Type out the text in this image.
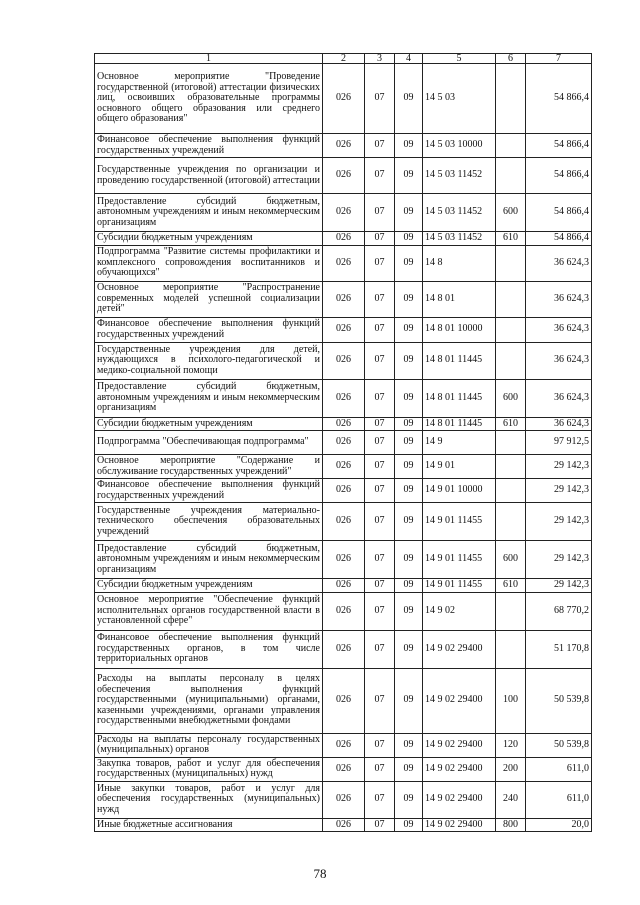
1	2	3	4	5	6	7
Основное мероприятие "Проведение государственной (итоговой) аттестации физических лиц, освоивших образовательные программы основного общего образования или среднего общего образования"	026	07	09	14 5 03		54 866,4
Финансовое обеспечение выполнения функций государственных учреждений	026	07	09	14 5 03 10000		54 866,4
Государственные учреждения по организации и проведению государственной (итоговой) аттестации	026	07	09	14 5 03 11452		54 866,4
Предоставление субсидий бюджетным, автономным учреждениям и иным некоммерческим организациям	026	07	09	14 5 03 11452	600	54 866,4
Субсидии бюджетным учреждениям	026	07	09	14 5 03 11452	610	54 866,4
Подпрограмма "Развитие системы профилактики и комплексного сопровождения воспитанников и обучающихся"	026	07	09	14 8		36 624,3
Основное мероприятие "Распространение современных моделей успешной социализации детей"	026	07	09	14 8 01		36 624,3
Финансовое обеспечение выполнения функций государственных учреждений	026	07	09	14 8 01 10000		36 624,3
Государственные учреждения для детей, нуждающихся в психолого-педагогической и медико-социальной помощи	026	07	09	14 8 01 11445		36 624,3
Предоставление субсидий бюджетным, автономным учреждениям и иным некоммерческим организациям	026	07	09	14 8 01 11445	600	36 624,3
Субсидии бюджетным учреждениям	026	07	09	14 8 01 11445	610	36 624,3
Подпрограмма "Обеспечивающая подпрограмма"	026	07	09	14 9		97 912,5
Основное мероприятие "Содержание и обслуживание государственных учреждений"	026	07	09	14 9 01		29 142,3
Финансовое обеспечение выполнения функций государственных учреждений	026	07	09	14 9 01 10000		29 142,3
Государственные учреждения материально-технического обеспечения образовательных учреждений	026	07	09	14 9 01 11455		29 142,3
Предоставление субсидий бюджетным, автономным учреждениям и иным некоммерческим организациям	026	07	09	14 9 01 11455	600	29 142,3
Субсидии бюджетным учреждениям	026	07	09	14 9 01 11455	610	29 142,3
Основное мероприятие "Обеспечение функций исполнительных органов государственной власти в установленной сфере"	026	07	09	14 9 02		68 770,2
Финансовое обеспечение выполнения функций государственных органов, в том числе территориальных органов	026	07	09	14 9 02 29400		51 170,8
Расходы на выплаты персоналу в целях обеспечения выполнения функций государственными (муниципальными) органами, казенными учреждениями, органами управления государственными внебюджетными фондами	026	07	09	14 9 02 29400	100	50 539,8
Расходы на выплаты персоналу государственных (муниципальных) органов	026	07	09	14 9 02 29400	120	50 539,8
Закупка товаров, работ и услуг для обеспечения государственных (муниципальных) нужд	026	07	09	14 9 02 29400	200	611,0
Иные закупки товаров, работ и услуг для обеспечения государственных (муниципальных) нужд	026	07	09	14 9 02 29400	240	611,0
Иные бюджетные ассигнования	026	07	09	14 9 02 29400	800	20,0
78
